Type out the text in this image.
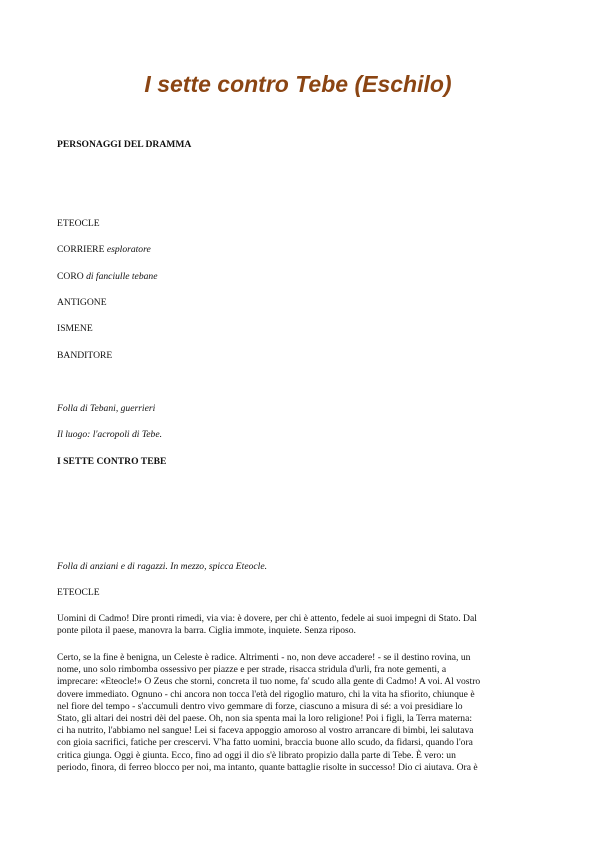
I sette contro Tebe (Eschilo)

PERSONAGGI DEL DRAMMA

ETEOCLE

CORRIERE esploratore

CORO di fanciulle tebane

ANTIGONE

ISMENE

BANDITORE

Folla di Tebani, guerrieri

Il luogo: l'acropoli di Tebe.

I SETTE CONTRO TEBE

Folla di anziani e di ragazzi. In mezzo, spicca Eteocle.

ETEOCLE

Uomini di Cadmo! Dire pronti rimedi, via via: è dovere, per chi è attento, fedele ai suoi impegni di Stato. Dal
ponte pilota il paese, manovra la barra. Ciglia immote, inquiete. Senza riposo.
Certo, se la fine è benigna, un Celeste è radice. Altrimenti - no, non deve accadere! - se il destino rovina, un
nome, uno solo rimbomba ossessivo per piazze e per strade, risacca stridula d'urli, fra note gementi, a
imprecare: «Eteocle!» O Zeus che storni, concreta il tuo nome, fa' scudo alla gente di Cadmo! A voi. Al vostro
dovere immediato. Ognuno - chi ancora non tocca l'età del rigoglio maturo, chi la vita ha sfiorito, chiunque è
nel fiore del tempo - s'accumuli dentro vivo gemmare di forze, ciascuno a misura di sé: a voi presidiare lo
Stato, gli altari dei nostri dèi del paese. Oh, non sia spenta mai la loro religione! Poi i figli, la Terra materna:
ci ha nutrito, l'abbiamo nel sangue! Lei si faceva appoggio amoroso al vostro arrancare di bimbi, lei salutava
con gioia sacrifici, fatiche per crescervi. V'ha fatto uomini, braccia buone allo scudo, da fidarsi, quando l'ora
critica giunga. Oggi è giunta. Ecco, fino ad oggi il dio s'è librato propizio dalla parte di Tebe. È vero: un
periodo, finora, di ferreo blocco per noi, ma intanto, quante battaglie risolte in successo! Dio ci aiutava. Ora è
